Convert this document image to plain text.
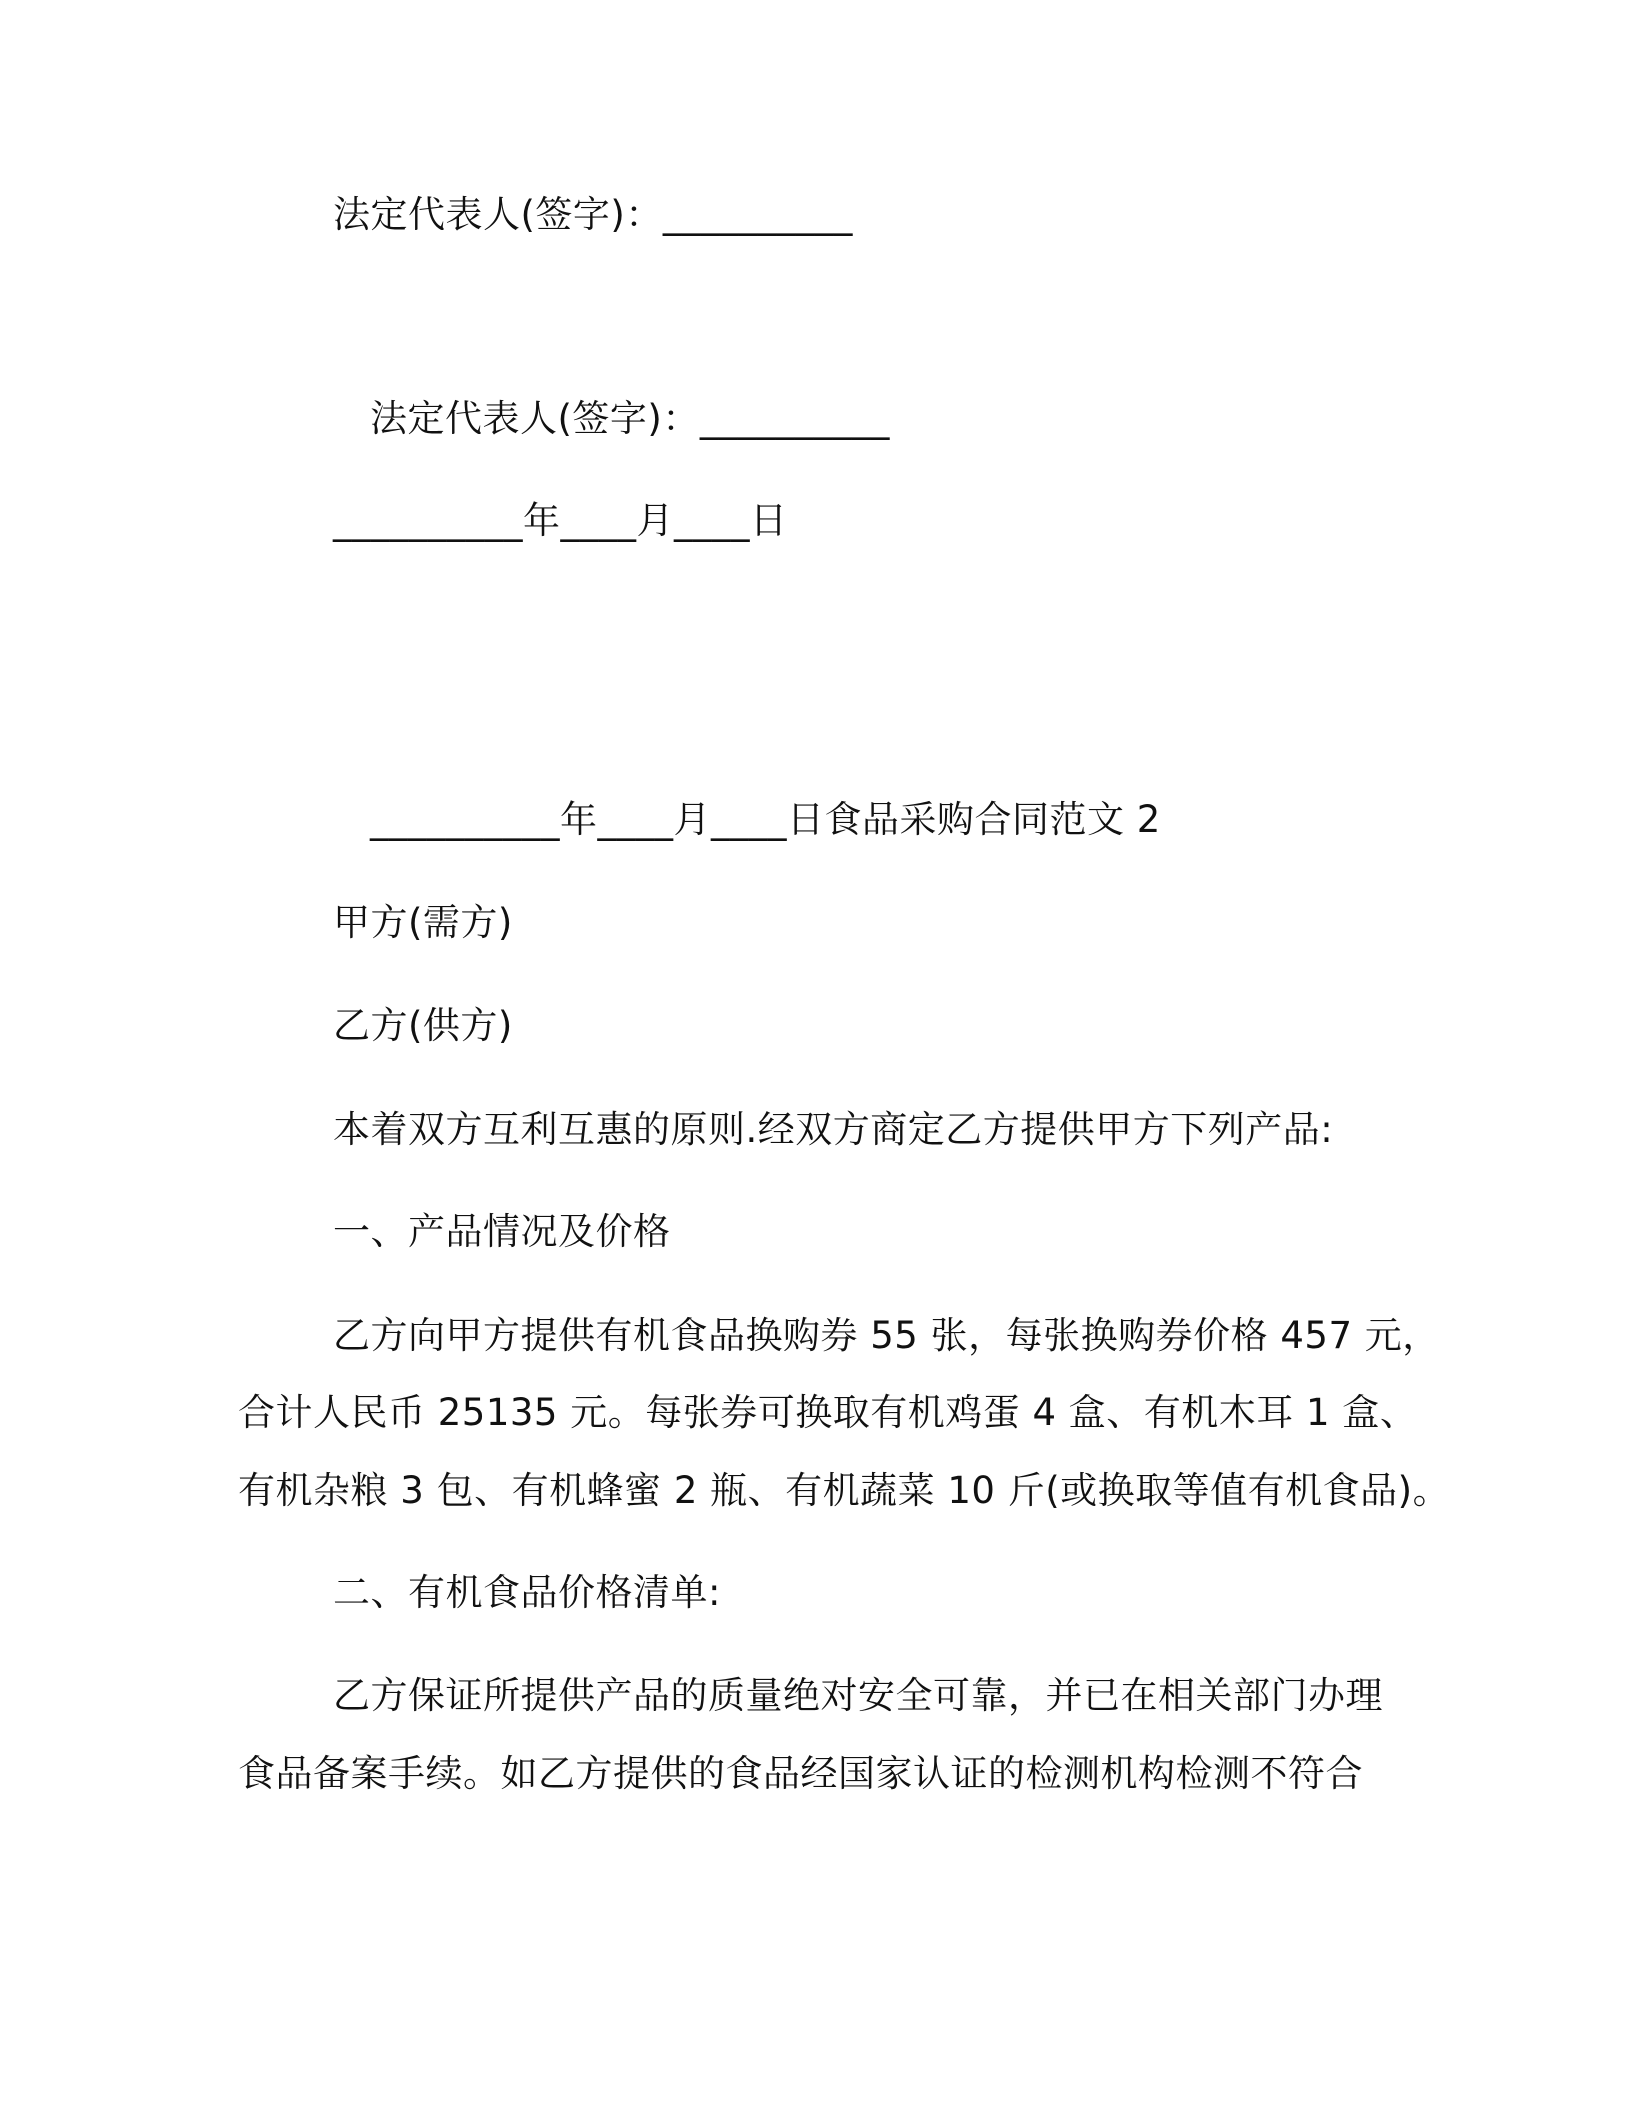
法定代表人(签字)：__________
法定代表人(签字)：__________
__________年____月____日
__________年____月____日食品采购合同范文 2
甲方(需方)
乙方(供方)
本着双方互利互惠的原则.经双方商定乙方提供甲方下列产品:
一、产品情况及价格
乙方向甲方提供有机食品换购券 55 张，每张换购券价格 457 元，
合计人民币 25135 元。每张券可换取有机鸡蛋 4 盒、有机木耳 1 盒、
有机杂粮 3 包、有机蜂蜜 2 瓶、有机蔬菜 10 斤(或换取等值有机食品)。
二、有机食品价格清单:
乙方保证所提供产品的质量绝对安全可靠，并已在相关部门办理
食品备案手续。如乙方提供的食品经国家认证的检测机构检测不符合
